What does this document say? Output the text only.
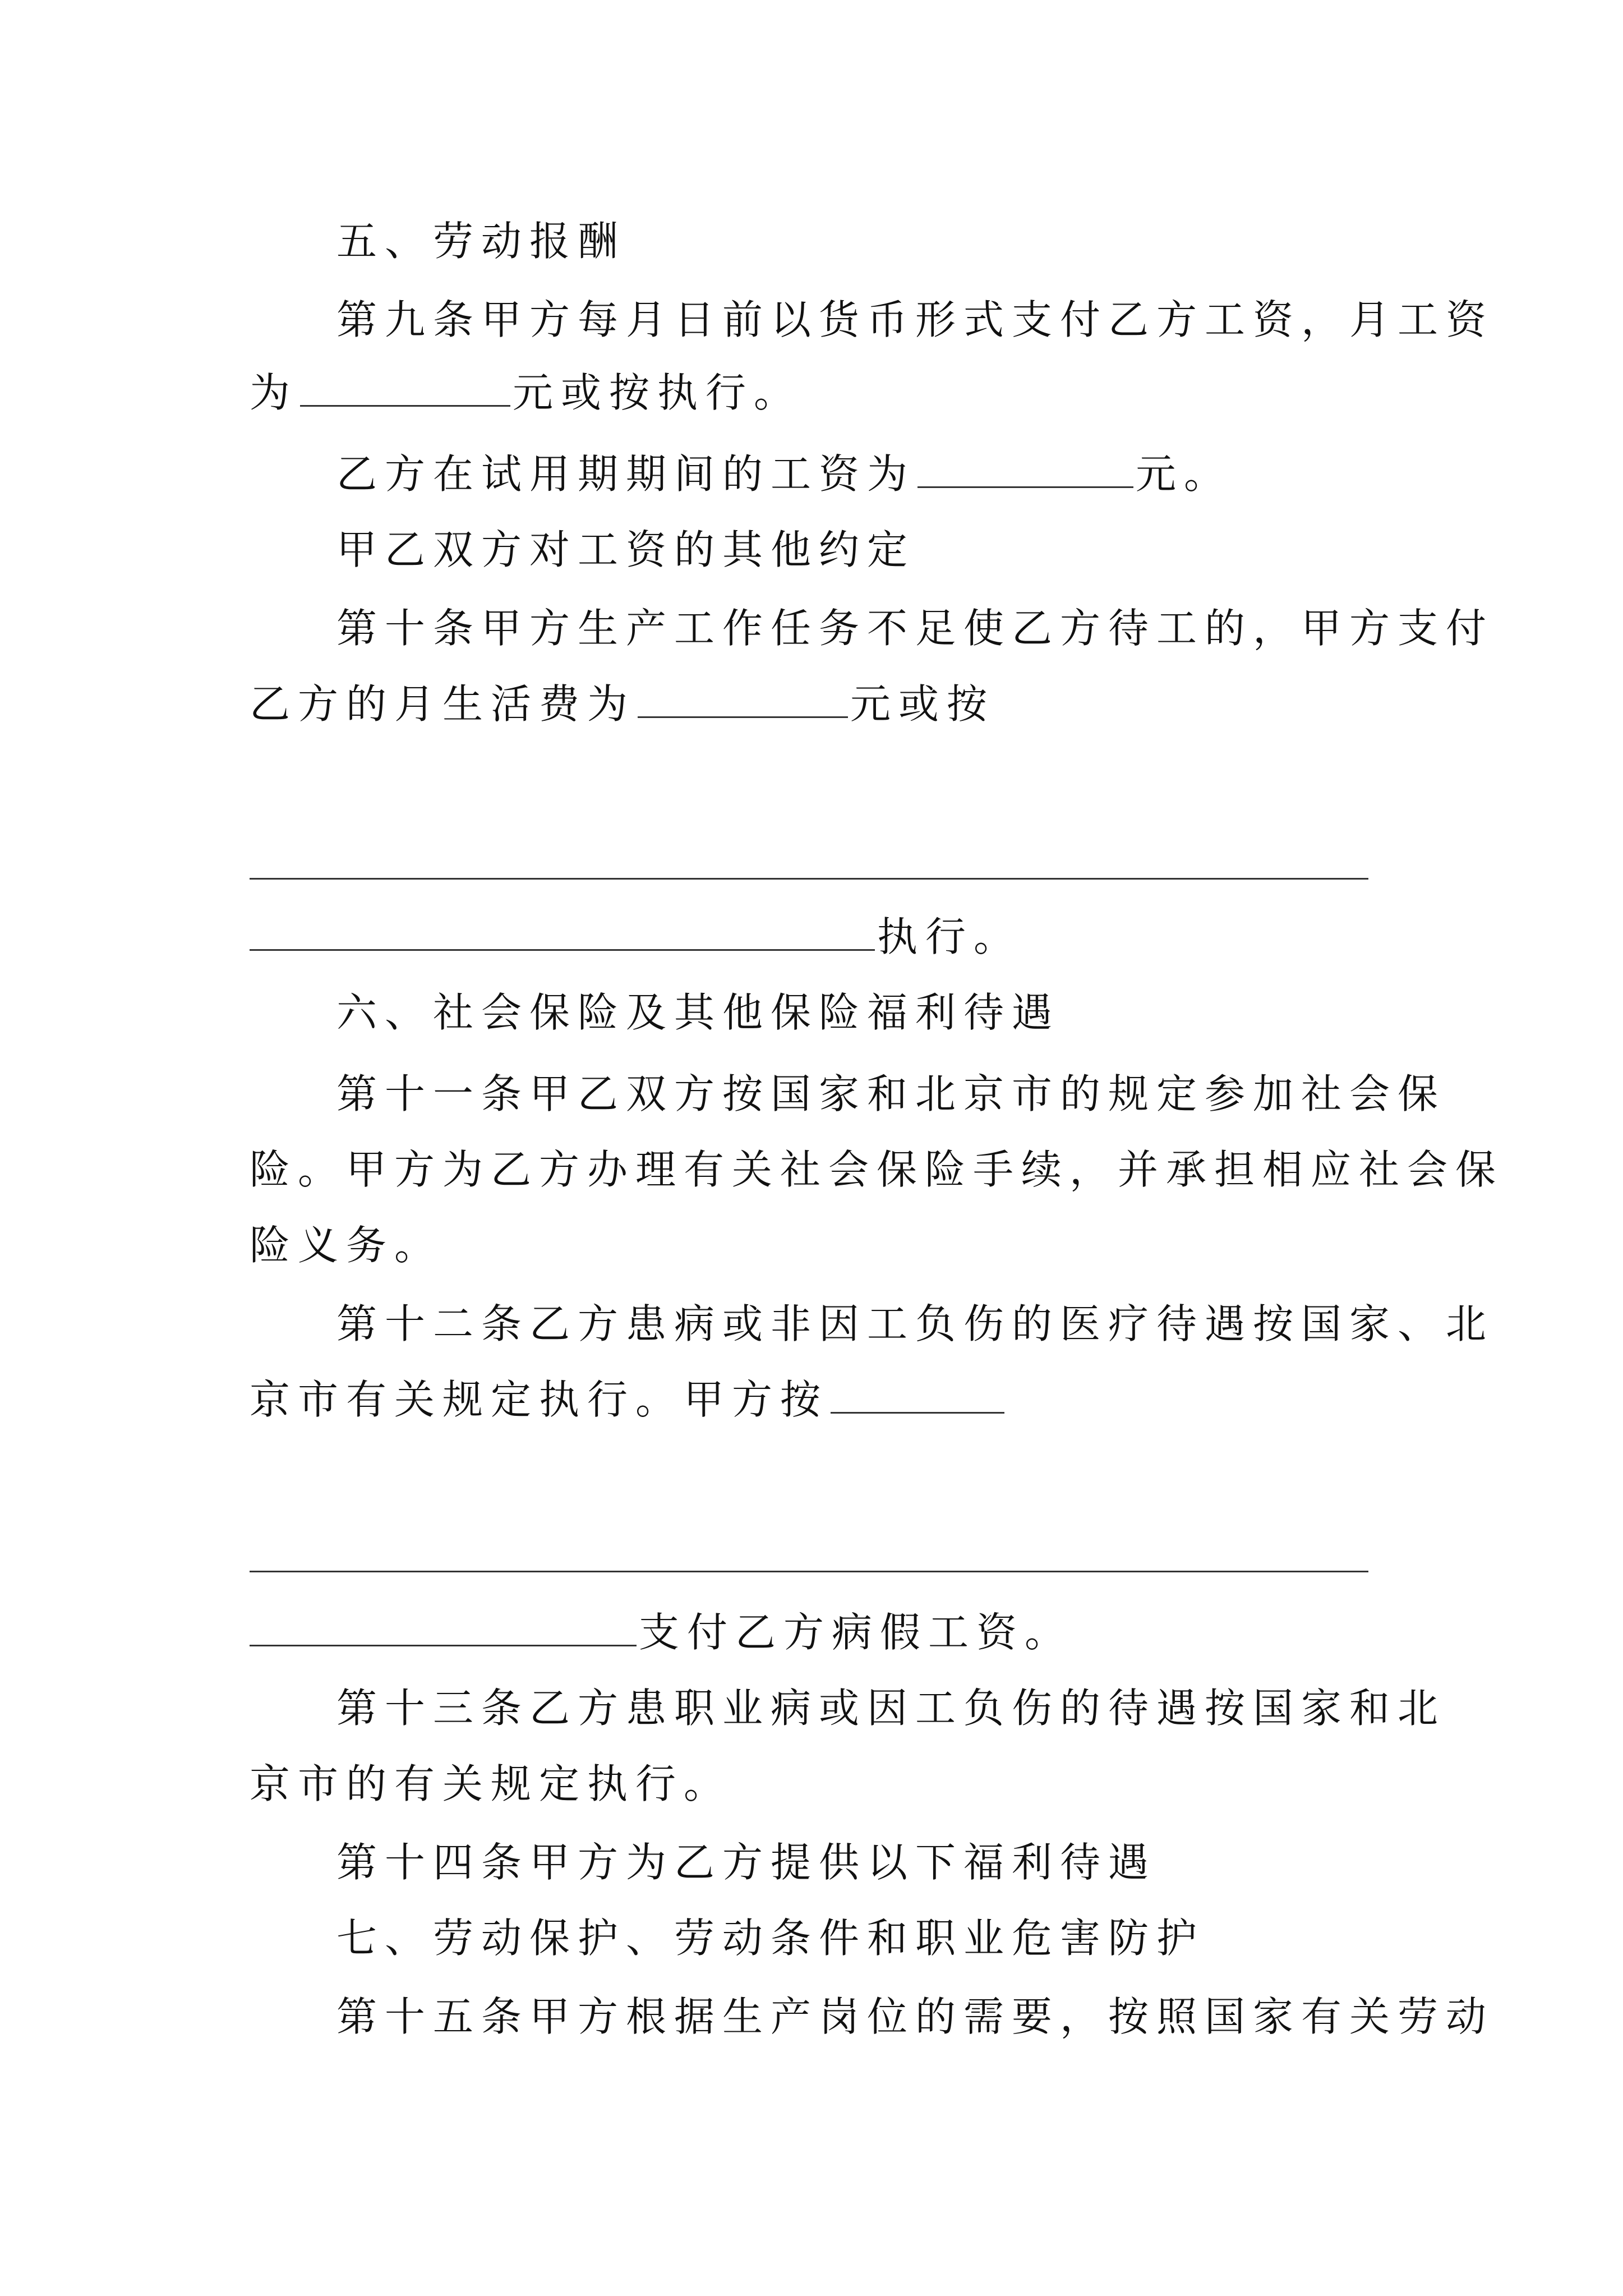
五、劳动报酬
第九条甲方每月日前以货币形式支付乙方工资，月工资
为	元或按执行。
乙方在试用期期间的工资为	元。
甲乙双方对工资的其他约定
第十条甲方生产工作任务不足使乙方待工的，甲方支付
乙方的月生活费为	元或按
执行。
六、社会保险及其他保险福利待遇
第十一条甲乙双方按国家和北京市的规定参加社会保
险。甲方为乙方办理有关社会保险手续，并承担相应社会保
险义务。
第十二条乙方患病或非因工负伤的医疗待遇按国家、北
京市有关规定执行。甲方按
支付乙方病假工资。
第十三条乙方患职业病或因工负伤的待遇按国家和北
京市的有关规定执行。
第十四条甲方为乙方提供以下福利待遇
七、劳动保护、劳动条件和职业危害防护
第十五条甲方根据生产岗位的需要，按照国家有关劳动
